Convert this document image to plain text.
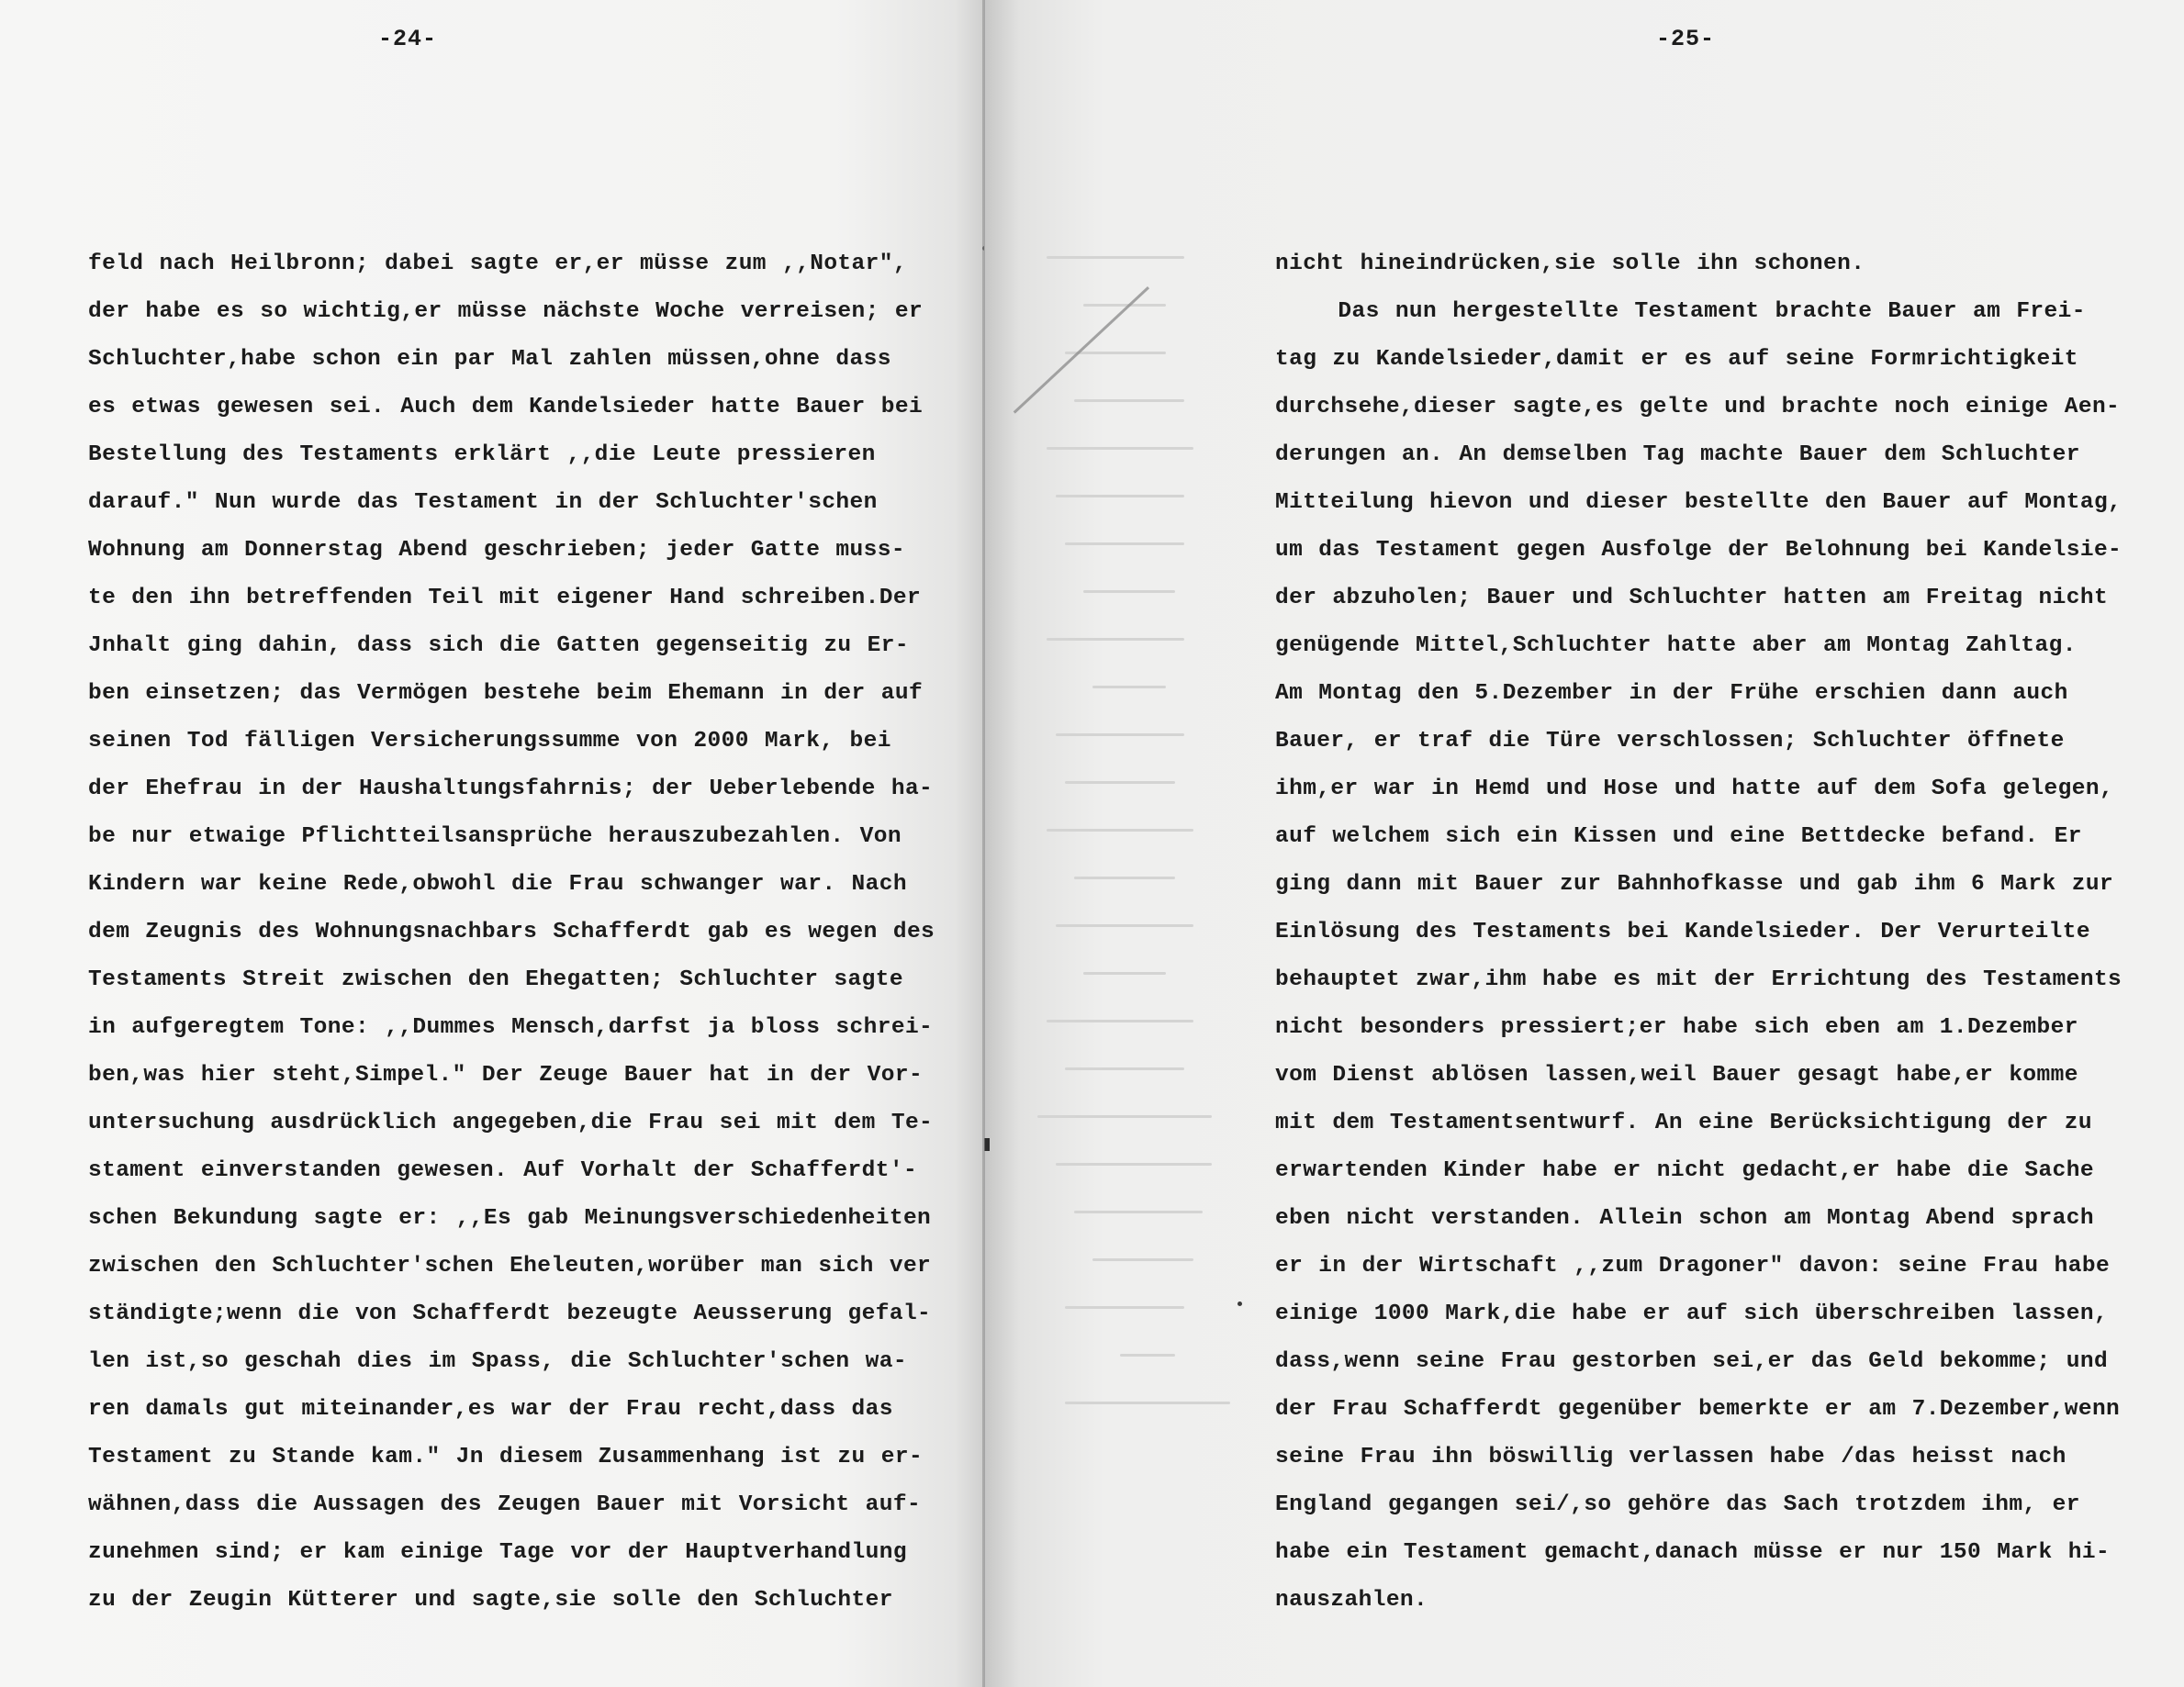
-24-
feld nach Heilbronn; dabei sagte er,er müsse zum ,,Notar",
der habe es so wichtig,er müsse nächste Woche verreisen; er
Schluchter,habe schon ein par Mal zahlen müssen,ohne dass
es etwas gewesen sei. Auch dem Kandelsieder hatte Bauer bei
Bestellung des Testaments erklärt ,,die Leute pressieren
darauf." Nun wurde das Testament in der Schluchter'schen
Wohnung am Donnerstag Abend geschrieben; jeder Gatte muss-
te den ihn betreffenden Teil mit eigener Hand schreiben.Der
Jnhalt ging dahin, dass sich die Gatten gegenseitig zu Er-
ben einsetzen; das Vermögen bestehe beim Ehemann in der auf
seinen Tod fälligen Versicherungssumme von 2000 Mark, bei
der Ehefrau in der Haushaltungsfahrnis; der Ueberlebende ha-
be nur etwaige Pflichtteilsansprüche herauszubezahlen. Von
Kindern war keine Rede,obwohl die Frau schwanger war. Nach
dem Zeugnis des Wohnungsnachbars Schafferdt gab es wegen des
Testaments Streit zwischen den Ehegatten; Schluchter sagte
in aufgeregtem Tone: ,,Dummes Mensch,darfst ja bloss schrei-
ben,was hier steht,Simpel." Der Zeuge Bauer hat in der Vor-
untersuchung ausdrücklich angegeben,die Frau sei mit dem Te-
stament einverstanden gewesen. Auf Vorhalt der Schafferdt'-
schen Bekundung sagte er: ,,Es gab Meinungsverschiedenheiten
zwischen den Schluchter'schen Eheleuten,worüber man sich ver
ständigte;wenn die von Schafferdt bezeugte Aeusserung gefal-
len ist,so geschah dies im Spass, die Schluchter'schen wa-
ren damals gut miteinander,es war der Frau recht,dass das
Testament zu Stande kam." Jn diesem Zusammenhang ist zu er-
wähnen,dass die Aussagen des Zeugen Bauer mit Vorsicht auf-
zunehmen sind; er kam einige Tage vor der Hauptverhandlung
zu der Zeugin Kütterer und sagte,sie solle den Schluchter
-25-
nicht hineindrücken,sie solle ihn schonen.
Das nun hergestellte Testament brachte Bauer am Frei-
tag zu Kandelsieder,damit er es auf seine Formrichtigkeit
durchsehe,dieser sagte,es gelte und brachte noch einige Aen-
derungen an. An demselben Tag machte Bauer dem Schluchter
Mitteilung hievon und dieser bestellte den Bauer auf Montag,
um das Testament gegen Ausfolge der Belohnung bei Kandelsie-
der abzuholen; Bauer und Schluchter hatten am Freitag nicht
genügende Mittel,Schluchter hatte aber am Montag Zahltag.
Am Montag den 5.Dezember in der Frühe erschien dann auch
Bauer, er traf die Türe verschlossen; Schluchter öffnete
ihm,er war in Hemd und Hose und hatte auf dem Sofa gelegen,
auf welchem sich ein Kissen und eine Bettdecke befand. Er
ging dann mit Bauer zur Bahnhofkasse und gab ihm 6 Mark zur
Einlösung des Testaments bei Kandelsieder. Der Verurteilte
behauptet zwar,ihm habe es mit der Errichtung des Testaments
nicht besonders pressiert;er habe sich eben am 1.Dezember
vom Dienst ablösen lassen,weil Bauer gesagt habe,er komme
mit dem Testamentsentwurf. An eine Berücksichtigung der zu
erwartenden Kinder habe er nicht gedacht,er habe die Sache
eben nicht verstanden. Allein schon am Montag Abend sprach
er in der Wirtschaft ,,zum Dragoner" davon: seine Frau habe
einige 1000 Mark,die habe er auf sich überschreiben lassen,
dass,wenn seine Frau gestorben sei,er das Geld bekomme; und
der Frau Schafferdt gegenüber bemerkte er am 7.Dezember,wenn
seine Frau ihn böswillig verlassen habe /das heisst nach
England gegangen sei/,so gehöre das Sach trotzdem ihm, er
habe ein Testament gemacht,danach müsse er nur 150 Mark hi-
nauszahlen.
